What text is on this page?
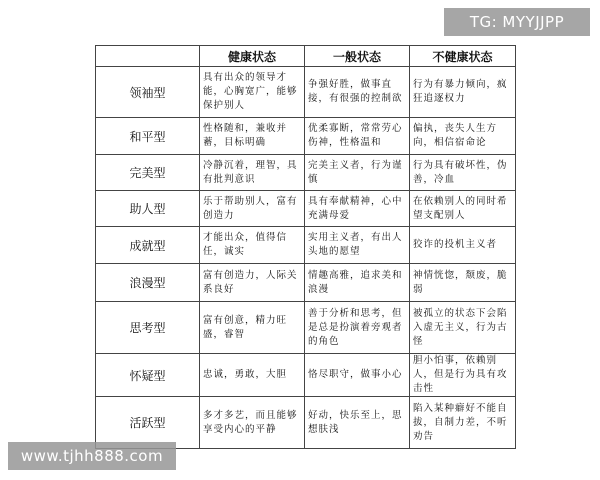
TG: MYYJJPP
	健康状态	一般状态	不健康状态
领袖型	具有出众的领导才能，心胸宽广，能够保护别人	争强好胜，做事直接，有很强的控制欲	行为有暴力倾向，疯狂追逐权力
和平型	性格随和，兼收并蓄，目标明确	优柔寡断，常常劳心伤神，性格温和	偏执，丧失人生方向，相信宿命论
完美型	冷静沉着，理智，具有批判意识	完美主义者，行为谨慎	行为具有破坏性，伪善，冷血
助人型	乐于帮助别人，富有创造力	具有奉献精神，心中充满母爱	在依赖别人的同时希望支配别人
成就型	才能出众，值得信任，诚实	实用主义者，有出人头地的愿望	狡诈的投机主义者
浪漫型	富有创造力，人际关系良好	情趣高雅，追求美和浪漫	神情恍惚，颓废，脆弱
思考型	富有创意，精力旺盛，睿智	善于分析和思考，但是总是扮演着旁观者的角色	被孤立的状态下会陷入虚无主义，行为古怪
怀疑型	忠诚，勇敢，大胆	恪尽职守，做事小心	胆小怕事，依赖别人，但是行为具有攻击性
活跃型	多才多艺，而且能够享受内心的平静	好动，快乐至上，思想肤浅	陷入某种癖好不能自拔，自制力差，不听劝告
www.tjhh888.com
